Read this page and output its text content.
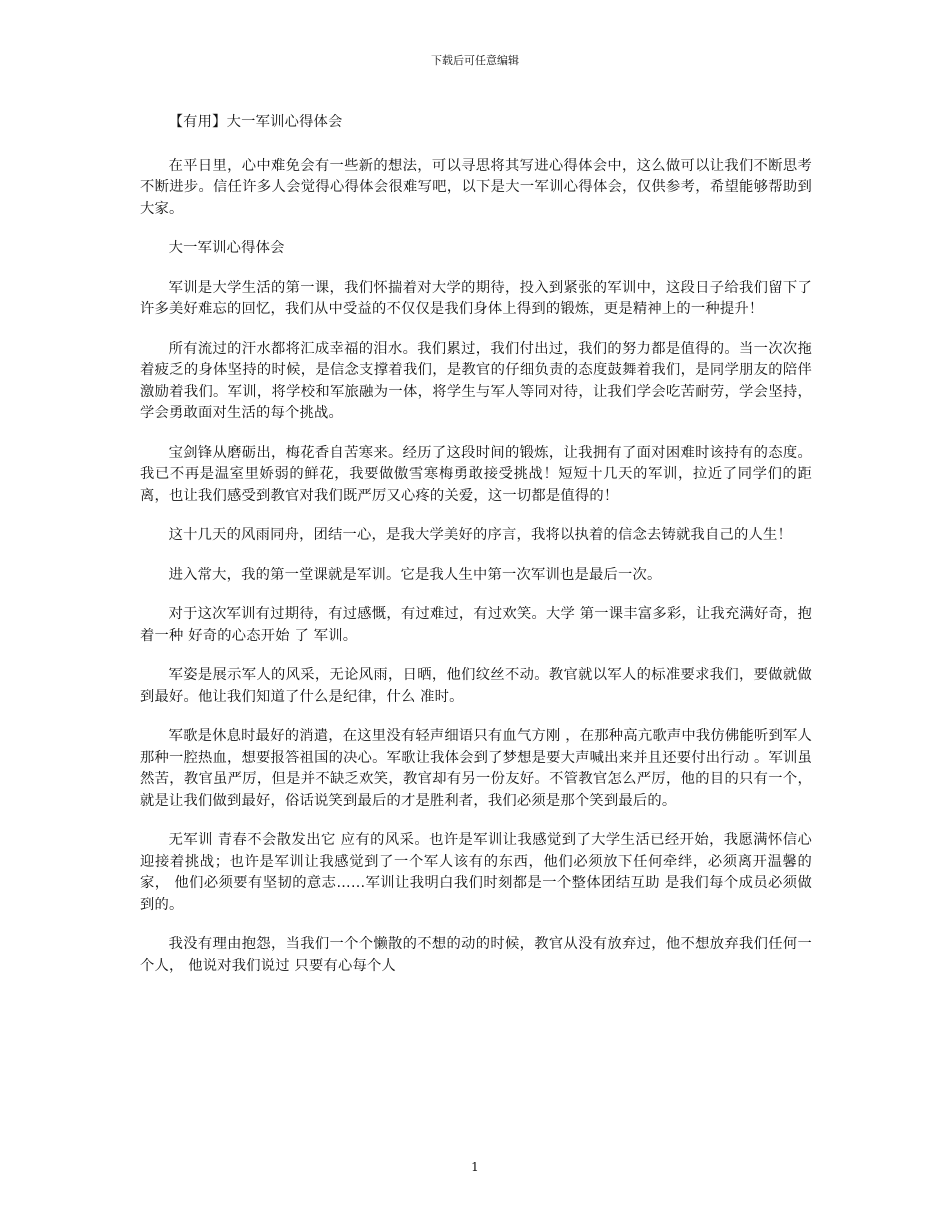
下载后可任意编辑

【有用】大一军训心得体会

在平日里，心中难免会有一些新的想法，可以寻思将其写进心得体会中，这么做可以让我们不断思考不断进步。信任许多人会觉得心得体会很难写吧，以下是大一军训心得体会，仅供参考，希望能够帮助到大家。

大一军训心得体会

军训是大学生活的第一课，我们怀揣着对大学的期待，投入到紧张的军训中，这段日子给我们留下了许多美好难忘的回忆，我们从中受益的不仅仅是我们身体上得到的锻炼，更是精神上的一种提升！

所有流过的汗水都将汇成幸福的泪水。我们累过，我们付出过，我们的努力都是值得的。当一次次拖着疲乏的身体坚持的时候，是信念支撑着我们，是教官的仔细负责的态度鼓舞着我们，是同学朋友的陪伴激励着我们。军训，将学校和军旅融为一体，将学生与军人等同对待，让我们学会吃苦耐劳，学会坚持，学会勇敢面对生活的每个挑战。

宝剑锋从磨砺出，梅花香自苦寒来。经历了这段时间的锻炼，让我拥有了面对困难时该持有的态度。我已不再是温室里娇弱的鲜花，我要做傲雪寒梅勇敢接受挑战！短短十几天的军训，拉近了同学们的距离，也让我们感受到教官对我们既严厉又心疼的关爱，这一切都是值得的！

这十几天的风雨同舟，团结一心，是我大学美好的序言，我将以执着的信念去铸就我自己的人生！

进入常大，我的第一堂课就是军训。它是我人生中第一次军训也是最后一次。

对于这次军训有过期待，有过感慨，有过难过，有过欢笑。大学 第一课丰富多彩，让我充满好奇，抱着一种 好奇的心态开始 了 军训。

军姿是展示军人的风采，无论风雨，日晒，他们纹丝不动。教官就以军人的标准要求我们，要做就做到最好。他让我们知道了什么是纪律，什么 准时。

军歌是休息时最好的消遣，在这里没有轻声细语只有血气方刚 ，在那种高亢歌声中我仿佛能听到军人那种一腔热血，想要报答祖国的决心。军歌让我体会到了梦想是要大声喊出来并且还要付出行动 。军训虽然苦，教官虽严厉，但是并不缺乏欢笑，教官却有另一份友好。不管教官怎么严厉，他的目的只有一个，就是让我们做到最好，俗话说笑到最后的才是胜利者，我们必须是那个笑到最后的。

无军训 青春不会散发出它 应有的风采。也许是军训让我感觉到了大学生活已经开始，我愿满怀信心迎接着挑战；也许是军训让我感觉到了一个军人该有的东西，他们必须放下任何牵绊，必须离开温馨的家， 他们必须要有坚韧的意志……军训让我明白我们时刻都是一个整体团结互助 是我们每个成员必须做到的。

我没有理由抱怨，当我们一个个懒散的不想的动的时候，教官从没有放弃过，他不想放弃我们任何一个人， 他说对我们说过 只要有心每个人

1
